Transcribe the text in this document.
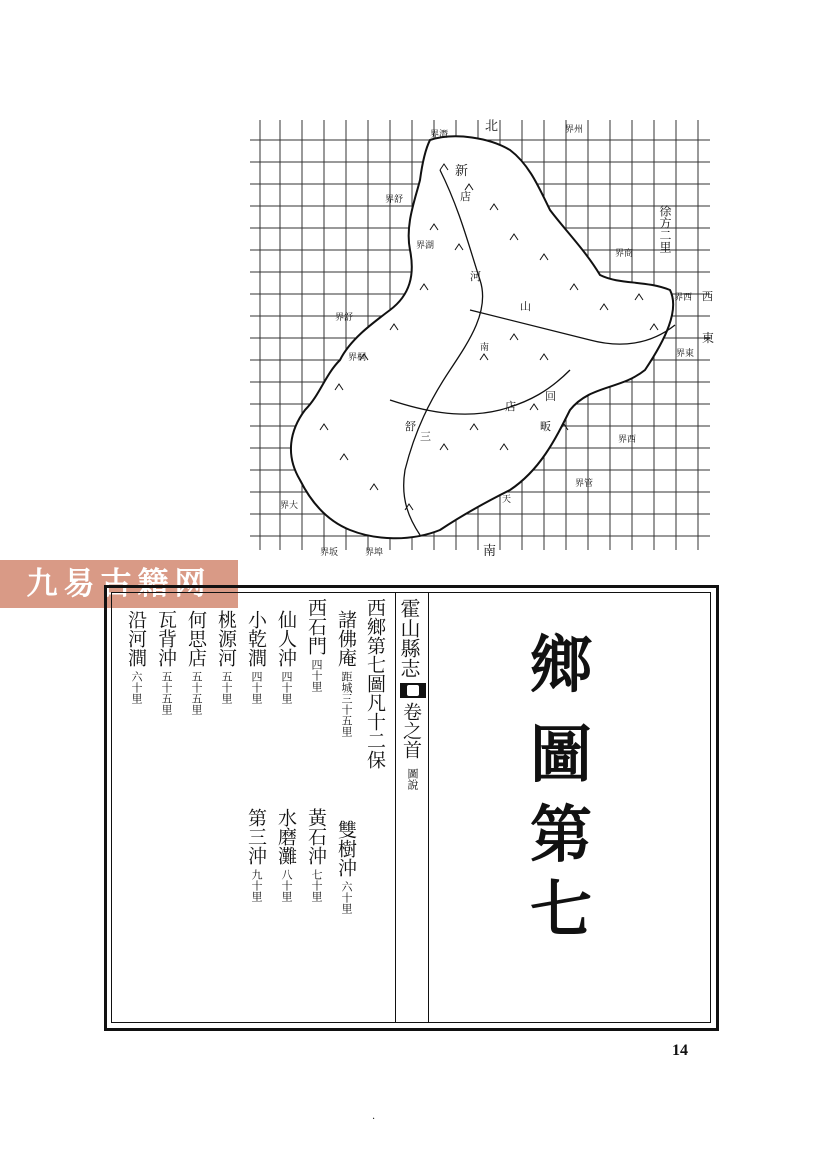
北
南
東
西
界州
界潛
界舒
界湖
新
店
界舒
界商
界桐
界西
界東
南
界西
界管
天
界大
界坂	界埠
徐方二里
舒	畈
河
山
回
三
店
九易古籍网
霍山縣志
卷之首
圖說
鄉
圖
第
七
西鄉第七圖凡十二保
諸佛庵距城三十五里
雙樹沖六十里
西石門四十里
黃石沖七十里
仙人沖四十里
水磨灘八十里
小乾澗四十里
第三沖九十里
桃源河五十里
何思店五十五里
瓦背沖五十五里
沿河澗六十里
14
.
